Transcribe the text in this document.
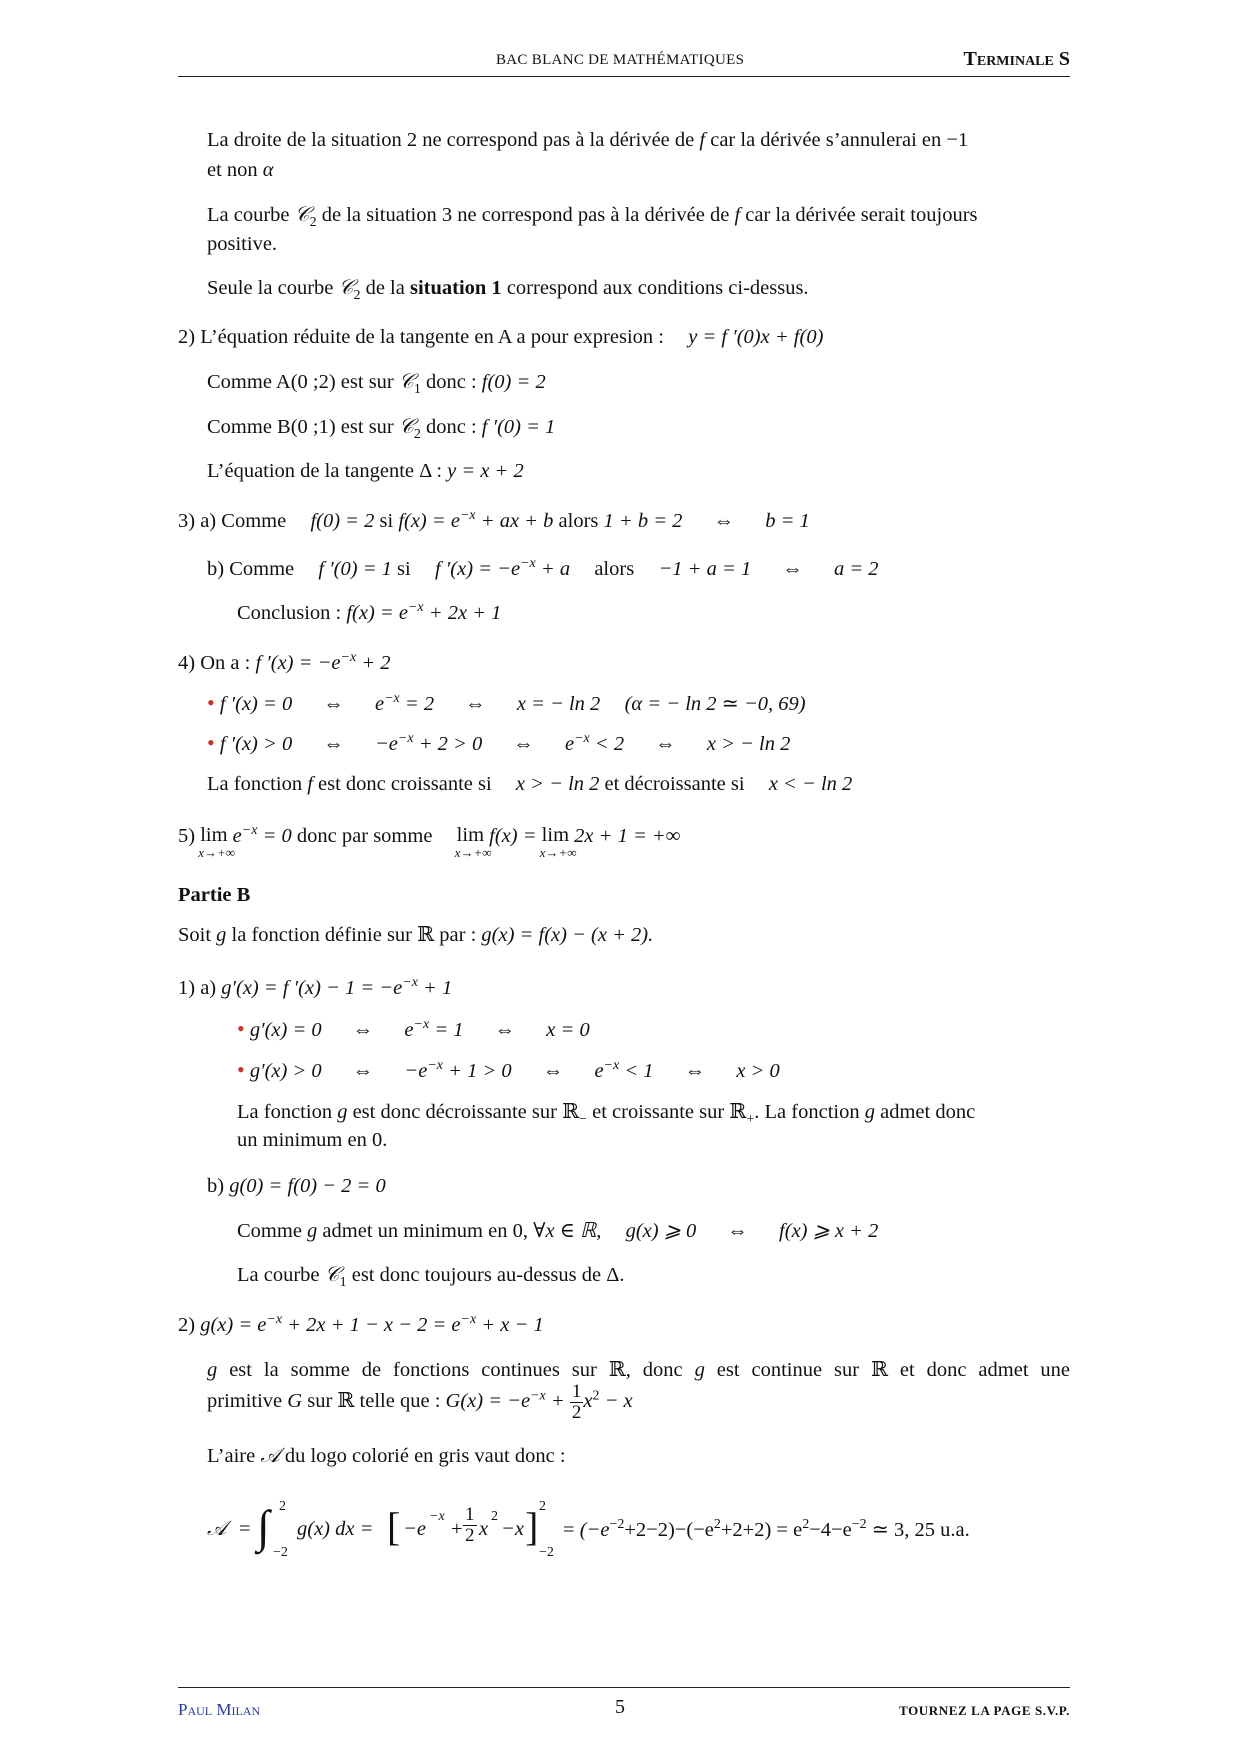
BAC BLANC DE MATHÉMATIQUES	Terminale S
La droite de la situation 2 ne correspond pas à la dérivée de f car la dérivée s’annulerai en −1
et non α
La courbe 𝒞$_2$ de la situation 3 ne correspond pas à la dérivée de f car la dérivée serait toujours
positive.
Seule la courbe 𝒞$_2$ de la situation 1 correspond aux conditions ci-dessus.
2) L’équation réduite de la tangente en A a pour expresion : y = f ′(0)x + f(0)
Comme A(0 ;2) est sur 𝒞$_1$ donc : f(0) = 2
Comme B(0 ;1) est sur 𝒞$_2$ donc : f ′(0) = 1
L’équation de la tangente Δ : y = x + 2
3) a) Comme f(0) = 2 si $f(x) = e^{-x}$ + ax + b alors 1 + b = 2 ⇔ b = 1
b) Comme f ′(0) = 1 si f $'(x) = -e^{-x} + a$ alors −1 + a = 1 ⇔ a = 2
Conclusion : $f(x) = e^{-x} + 2x + 1$
4) On a : f $'(x) = -e^{-x} + 2$
• f ′(x) = 0 ⇔ $e^{-x} = 2$ ⇔ x = − ln 2 (α = − ln 2 ≃ −0, 69)
• f ′(x) > 0 ⇔ $-e^{-x} + 2 > 0$ ⇔ $e^{-x} < 2$ ⇔ x > − ln 2
La fonction f est donc croissante si x > − ln 2 et décroissante si x < − ln 2
5) lim
x→+∞
$e^{-x} = 0$ donc par somme lim
x→+∞
f(x) = lim
x→+∞
2x + 1 = +∞
Partie B
Soit g la fonction définie sur ℝ par : g(x) = f(x) − (x + 2).
1) a) g′(x) = f $'(x) - 1 = -e^{-x} + 1$
• g′(x) = 0 ⇔ $e^{-x} = 1$ ⇔ x = 0
• g′(x) > 0 ⇔ $-e^{-x} + 1 > 0$ ⇔ $e^{-x} < 1$ ⇔ x > 0
La fonction g est donc décroissante sur ℝ$_-$ et croissante sur ℝ$_+$. La fonction g admet donc
un minimum en 0.
b) g(0) = f(0) − 2 = 0
Comme g admet un minimum en 0, ∀x ∈ ℝ, g(x) ⩾ 0 ⇔ f(x) ⩾ x + 2
La courbe 𝒞$_1$ est donc toujours au-dessus de Δ.
2) $g(x) = e^{-x} + 2x + 1 - x - 2 = e^{-x} + x - 1$
g est la somme de fonctions continues sur ℝ, donc g est continue sur ℝ et donc admet une
primitive G sur ℝ telle que : $G(x) = -e^{-x} + \frac{1}{2} x^2 - x$
L’aire 𝒜 du logo colorié en gris vaut donc :
𝒜 = ∫ 2
−2
g(x) dx = [ −e
−x
+ $\frac{1}{2}$ x
2
−x ] 2
−2
= $(-e^{-2}+2-2)-(-e^2+2+2) = e^2-4-e^{-2}$ ≃ 3, 25 u.a.
Paul Milan	5	TOURNEZ LA PAGE S.V.P.
